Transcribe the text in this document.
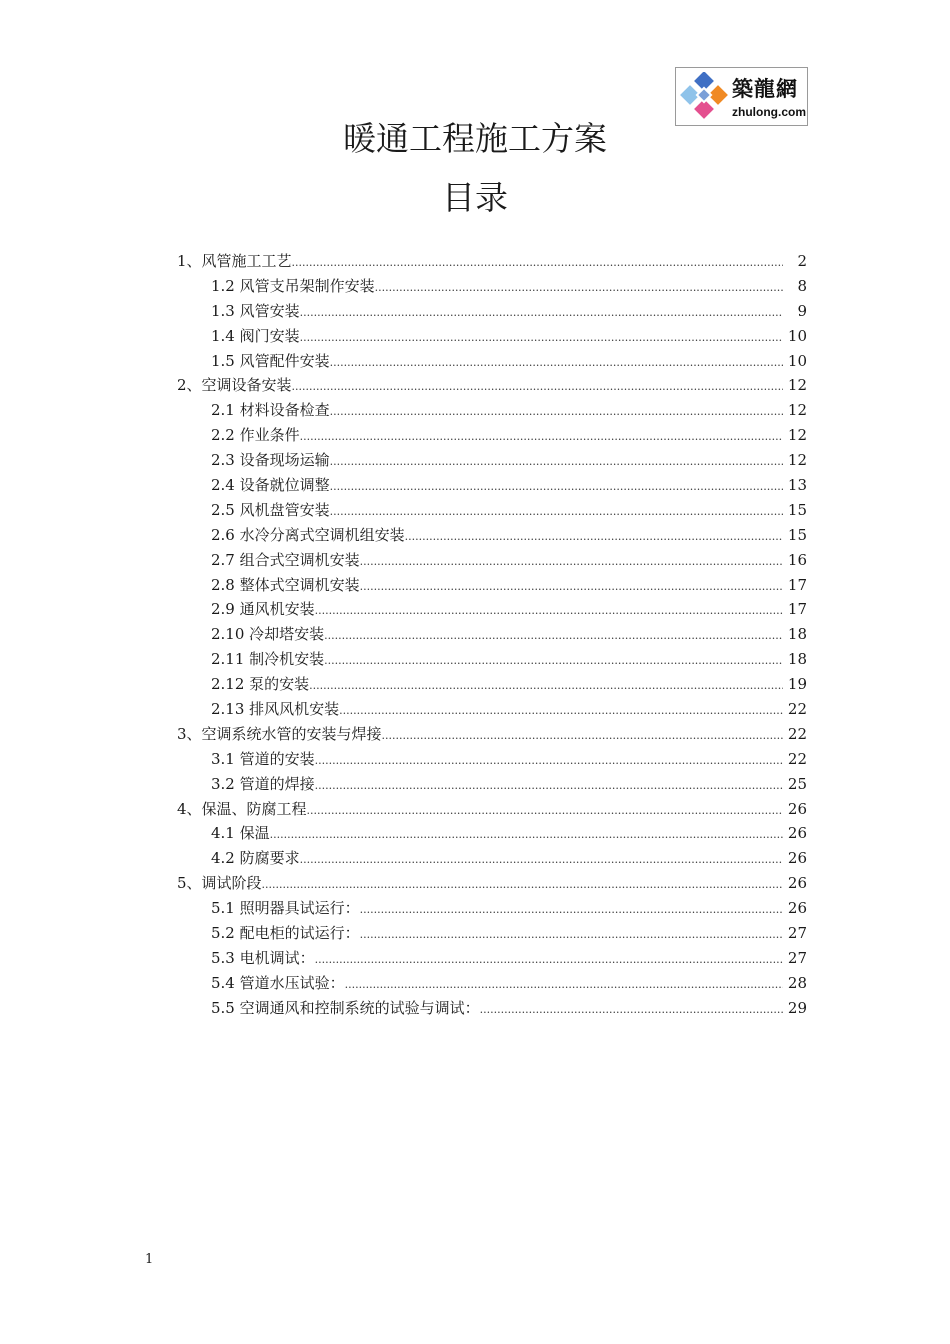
築龍網
zhulong.com
暖通工程施工方案
目录
1、风管施工工艺 .....	2
1.2 风管支吊架制作安装 .....	8
1.3 风管安装 .....	9
1.4 阀门安装 .....	10
1.5 风管配件安装 .....	10
2、空调设备安装 .....	12
2.1 材料设备检查 .....	12
2.2 作业条件 .....	12
2.3 设备现场运输 .....	12
2.4 设备就位调整 .....	13
2.5 风机盘管安装 .....	15
2.6 水冷分离式空调机组安装 .....	15
2.7 组合式空调机安装 .....	16
2.8 整体式空调机安装 .....	17
2.9 通风机安装 .....	17
2.10 冷却塔安装 .....	18
2.11 制冷机安装 .....	18
2.12 泵的安装 .....	19
2.13 排风风机安装 .....	22
3、空调系统水管的安装与焊接 .....	22
3.1 管道的安装 .....	22
3.2 管道的焊接 .....	25
4、保温、防腐工程 .....	26
4.1 保温 .....	26
4.2 防腐要求 .....	26
5、调试阶段 .....	26
5.1 照明器具试运行： .....	26
5.2 配电柜的试运行： .....	27
5.3 电机调试： .....	27
5.4 管道水压试验： .....	28
5.5 空调通风和控制系统的试验与调试： .....	29
1
